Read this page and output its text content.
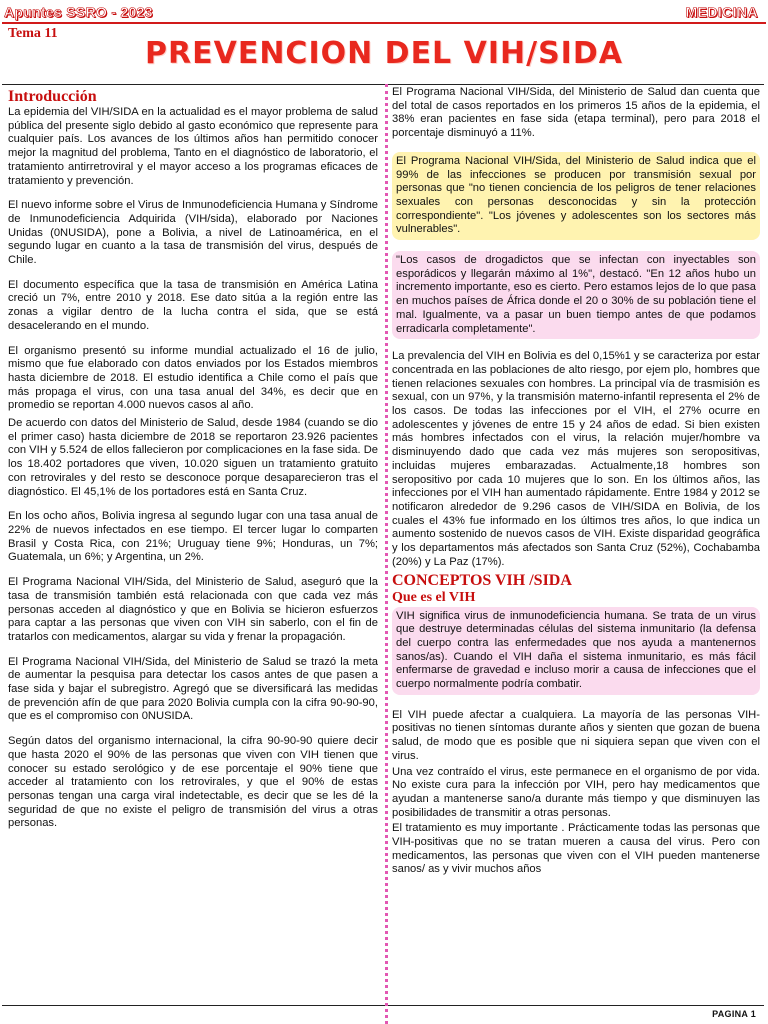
Apuntes SSRO - 2023	MEDICINA
Tema 11
PREVENCION DEL VIH/SIDA
Introducción

La epidemia del VIH/SIDA en la actualidad es el mayor problema de salud pública del presente siglo debido al gasto económico que represente para cualquier país. Los avances de los últimos años han permitido conocer mejor la magnitud del problema, Tanto en el diagnóstico de laboratorio, el tratamiento antirretroviral y el mayor acceso a los programas eficaces de tratamiento y prevención.

El nuevo informe sobre el Virus de Inmunodeficiencia Humana y Síndrome de Inmunodeficiencia Adquirida (VIH/sida), elaborado por Naciones Unidas (0NUSIDA), pone a Bolivia, a nivel de Latinoamérica, en el segundo lugar en cuanto a la tasa de transmisión del virus, después de Chile.

El documento específica que la tasa de transmisión en América Latina creció un 7%, entre 2010 y 2018. Ese dato sitúa a la región entre las zonas a vigilar dentro de la lucha contra el sida, que se está desacelerando en el mundo.

El organismo presentó su informe mundial actualizado el 16 de julio, mismo que fue elaborado con datos enviados por los Estados miembros hasta diciembre de 2018. El estudio identifica a Chile como el país que más propaga el virus, con una tasa anual del 34%, es decir que en promedio se reportan 4.000 nuevos casos al año.

De acuerdo con datos del Ministerio de Salud, desde 1984 (cuando se dio el primer caso) hasta diciembre de 2018 se reportaron 23.926 pacientes con VIH y 5.524 de ellos fallecieron por complicaciones en la fase sida. De los 18.402 portadores que viven, 10.020 siguen un tratamiento gratuito con retrovirales y del resto se desconoce porque desaparecieron tras el diagnóstico. El 45,1% de los portadores está en Santa Cruz.

En los ocho años, Bolivia ingresa al segundo lugar con una tasa anual de 22% de nuevos infectados en ese tiempo. El tercer lugar lo comparten Brasil y Costa Rica, con 21%; Uruguay tiene 9%; Honduras, un 7%; Guatemala, un 6%; y Argentina, un 2%.

El Programa Nacional VIH/Sida, del Ministerio de Salud, aseguró que la tasa de transmisión también está relacionada con que cada vez más personas acceden al diagnóstico y que en Bolivia se hicieron esfuerzos para captar a las personas que viven con VIH sin saberlo, con el fin de tratarlos con medicamentos, alargar su vida y frenar la propagación.

El Programa Nacional VIH/Sida, del Ministerio de Salud se trazó la meta de aumentar la pesquisa para detectar los casos antes de que pasen a fase sida y bajar el subregistro. Agregó que se diversificará las medidas de prevención afín de que para 2020 Bolivia cumpla con la cifra 90-90-90, que es el compromiso con 0NUSIDA.

Según datos del organismo internacional, la cifra 90-90-90 quiere decir que hasta 2020 el 90% de las personas que viven con VIH tienen que conocer su estado serológico y de ese porcentaje el 90% tiene que acceder al tratamiento con los retrovirales, y que el 90% de estas personas tengan una carga viral indetectable, es decir que se les dé la seguridad de que no existe el peligro de transmisión del virus a otras personas.

El Programa Nacional VIH/Sida, del Ministerio de Salud dan cuenta que del total de casos reportados en los primeros 15 años de la epidemia, el 38% eran pacientes en fase sida (etapa terminal), pero para 2018 el porcentaje disminuyó a 11%.

El Programa Nacional VIH/Sida, del Ministerio de Salud indica que el 99% de las infecciones se producen por transmisión sexual por personas que "no tienen conciencia de los peligros de tener relaciones sexuales con personas desconocidas y sin la protección correspondiente". "Los jóvenes y adolescentes son los sectores más vulnerables".

"Los casos de drogadictos que se infectan con inyectables son esporádicos y llegarán máximo al 1%", destacó. "En 12 años hubo un incremento importante, eso es cierto. Pero estamos lejos de lo que pasa en muchos países de África donde el 20 o 30% de su población tiene el mal. Igualmente, va a pasar un buen tiempo antes de que podamos erradicarla completamente".

La prevalencia del VIH en Bolivia es del 0,15%1 y se caracteriza por estar concentrada en las poblaciones de alto riesgo, por ejem plo, hombres que tienen relaciones sexuales con hombres. La principal vía de trasmisión es sexual, con un 97%, y la transmisión materno-infantil representa el 2% de los casos. De todas las infecciones por el VIH, el 27% ocurre en adolescentes y jóvenes de entre 15 y 24 años de edad. Si bien existen más hombres infectados con el virus, la relación mujer/hombre va disminuyendo dado que cada vez más mujeres son seropositivas, incluidas mujeres embarazadas. Actualmente,18 hombres son seropositivo por cada 10 mujeres que lo son. En los últimos años, las infecciones por el VIH han aumentado rápidamente. Entre 1984 y 2012 se notificaron alrededor de 9.296 casos de VIH/SIDA en Bolivia, de los cuales el 43% fue informado en los últimos tres años, lo que indica un aumento sostenido de nuevos casos de VIH. Existe disparidad geográfica y los departamentos más afectados son Santa Cruz (52%), Cochabamba (20%) y La Paz (17%).

CONCEPTOS VIH /SIDA
Que es el VIH

VIH significa virus de inmunodeficiencia humana. Se trata de un virus que destruye determinadas células del sistema inmunitario (la defensa del cuerpo contra las enfermedades que nos ayuda a mantenernos sanos/as). Cuando el VIH daña el sistema inmunitario, es más fácil enfermarse de gravedad e incluso morir a causa de infecciones que el cuerpo normalmente podría combatir.

El VIH puede afectar a cualquiera. La mayoría de las personas VIH- positivas no tienen síntomas durante años y sienten que gozan de buena salud, de modo que es posible que ni siquiera sepan que viven con el virus.

Una vez contraído el virus, este permanece en el organismo de por vida. No existe cura para la infección por VIH, pero hay medicamentos que ayudan a mantenerse sano/a durante más tiempo y que disminuyen las posibilidades de transmitir a otras personas.

El tratamiento es muy importante . Prácticamente todas las personas que VIH-positivas que no se tratan mueren a causa del virus. Pero con medicamentos, las personas que viven con el VIH pueden mantenerse sanos/ as y vivir muchos años

PAGINA 1
